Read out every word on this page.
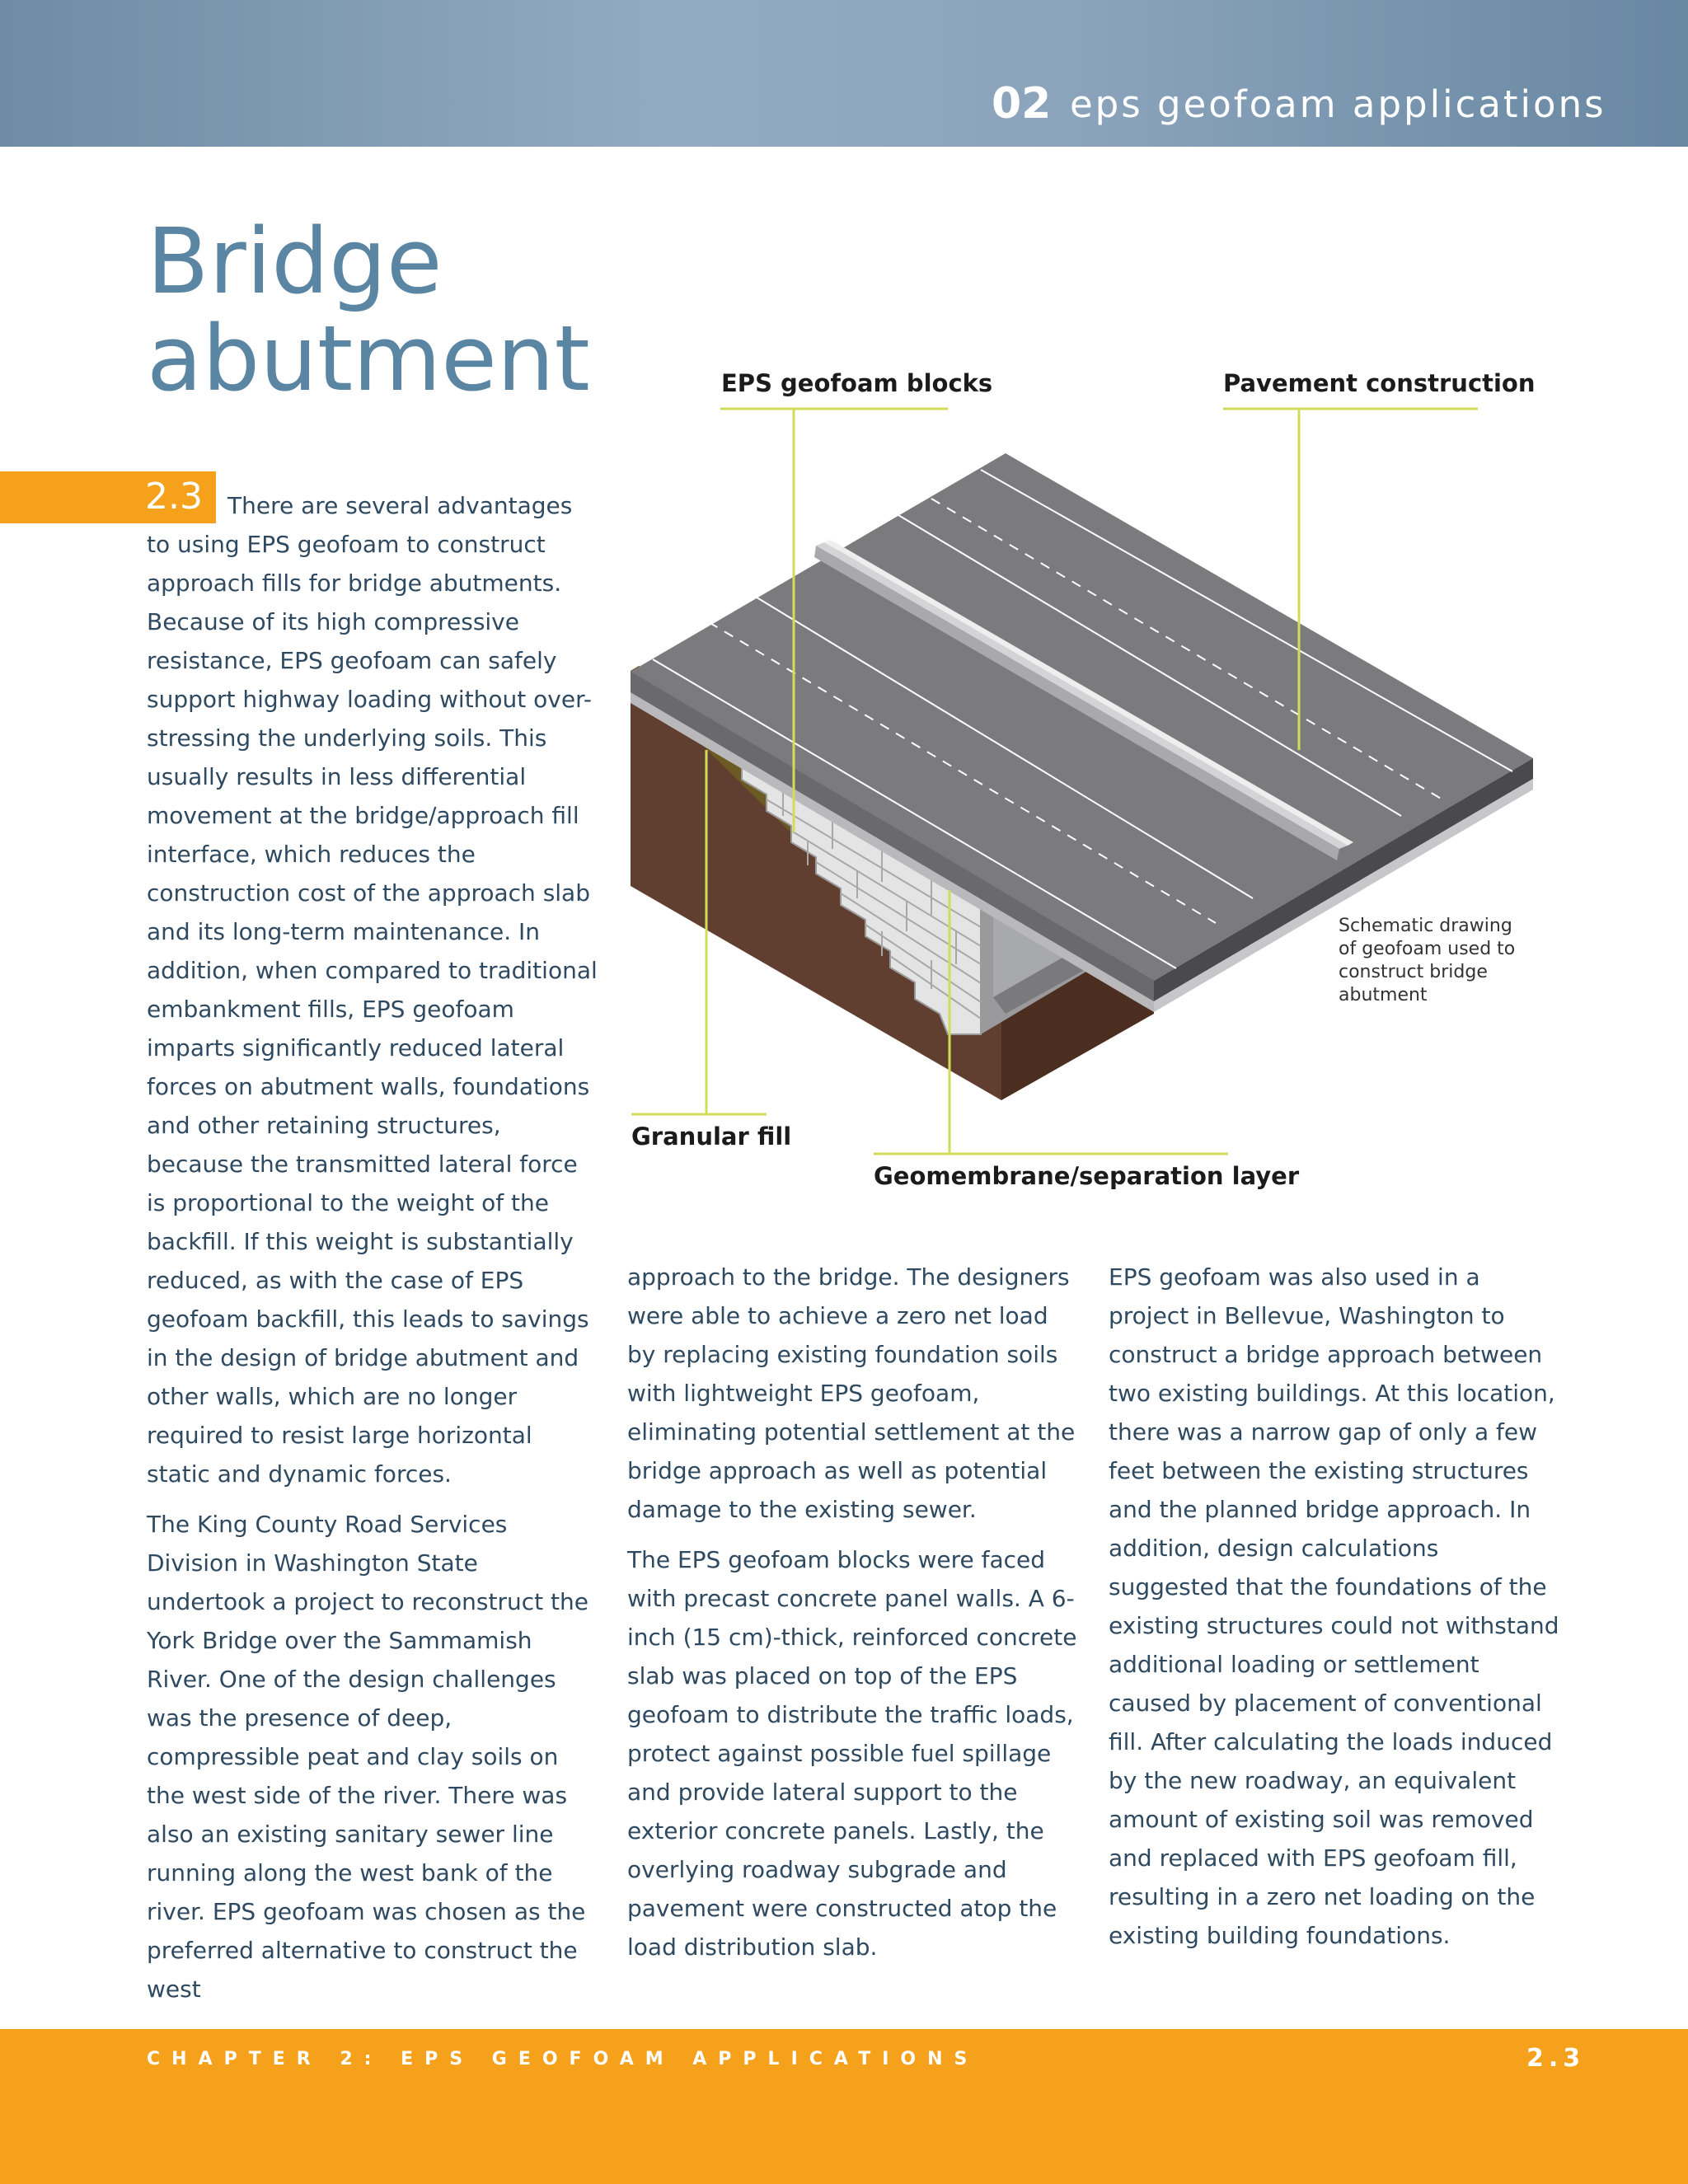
02 eps geofoam applications
Bridge
abutment
2.3	There are several advantages to using EPS geofoam to construct approach fills for bridge abutments. Because of its high compressive resistance, EPS geofoam can safely support highway loading without over-stressing the underlying soils. This usually results in less differential movement at the bridge/approach fill interface, which reduces the construction cost of the approach slab and its long-term maintenance. In addition, when compared to traditional embankment fills, EPS geofoam imparts significantly reduced lateral forces on abutment walls, foundations and other retaining structures, because the transmitted lateral force is proportional to the weight of the backfill. If this weight is substantially reduced, as with the case of EPS geofoam backfill, this leads to savings in the design of bridge abutment and other walls, which are no longer required to resist large horizontal static and dynamic forces.

The King County Road Services Division in Washington State undertook a project to reconstruct the York Bridge over the Sammamish River. One of the design challenges was the presence of deep, compressible peat and clay soils on the west side of the river. There was also an existing sanitary sewer line running along the west bank of the river. EPS geofoam was chosen as the preferred alternative to construct the west

EPS geofoam blocks	Pavement construction
Granular fill
Geomembrane/separation layer
Schematic drawing of geofoam used to construct bridge abutment

approach to the bridge. The designers were able to achieve a zero net load by replacing existing foundation soils with lightweight EPS geofoam, eliminating potential settlement at the bridge approach as well as potential damage to the existing sewer.

The EPS geofoam blocks were faced with precast concrete panel walls. A 6-inch (15 cm)-thick, reinforced concrete slab was placed on top of the EPS geofoam to distribute the traffic loads, protect against possible fuel spillage and provide lateral support to the exterior concrete panels. Lastly, the overlying roadway subgrade and pavement were constructed atop the load distribution slab.

EPS geofoam was also used in a project in Bellevue, Washington to construct a bridge approach between two existing buildings. At this location, there was a narrow gap of only a few feet between the existing structures and the planned bridge approach. In addition, design calculations suggested that the foundations of the existing structures could not withstand additional loading or settlement caused by placement of conventional fill. After calculating the loads induced by the new roadway, an equivalent amount of existing soil was removed and replaced with EPS geofoam fill, resulting in a zero net loading on the existing building foundations.

CHAPTER 2: EPS GEOFOAM APPLICATIONS	2.3
